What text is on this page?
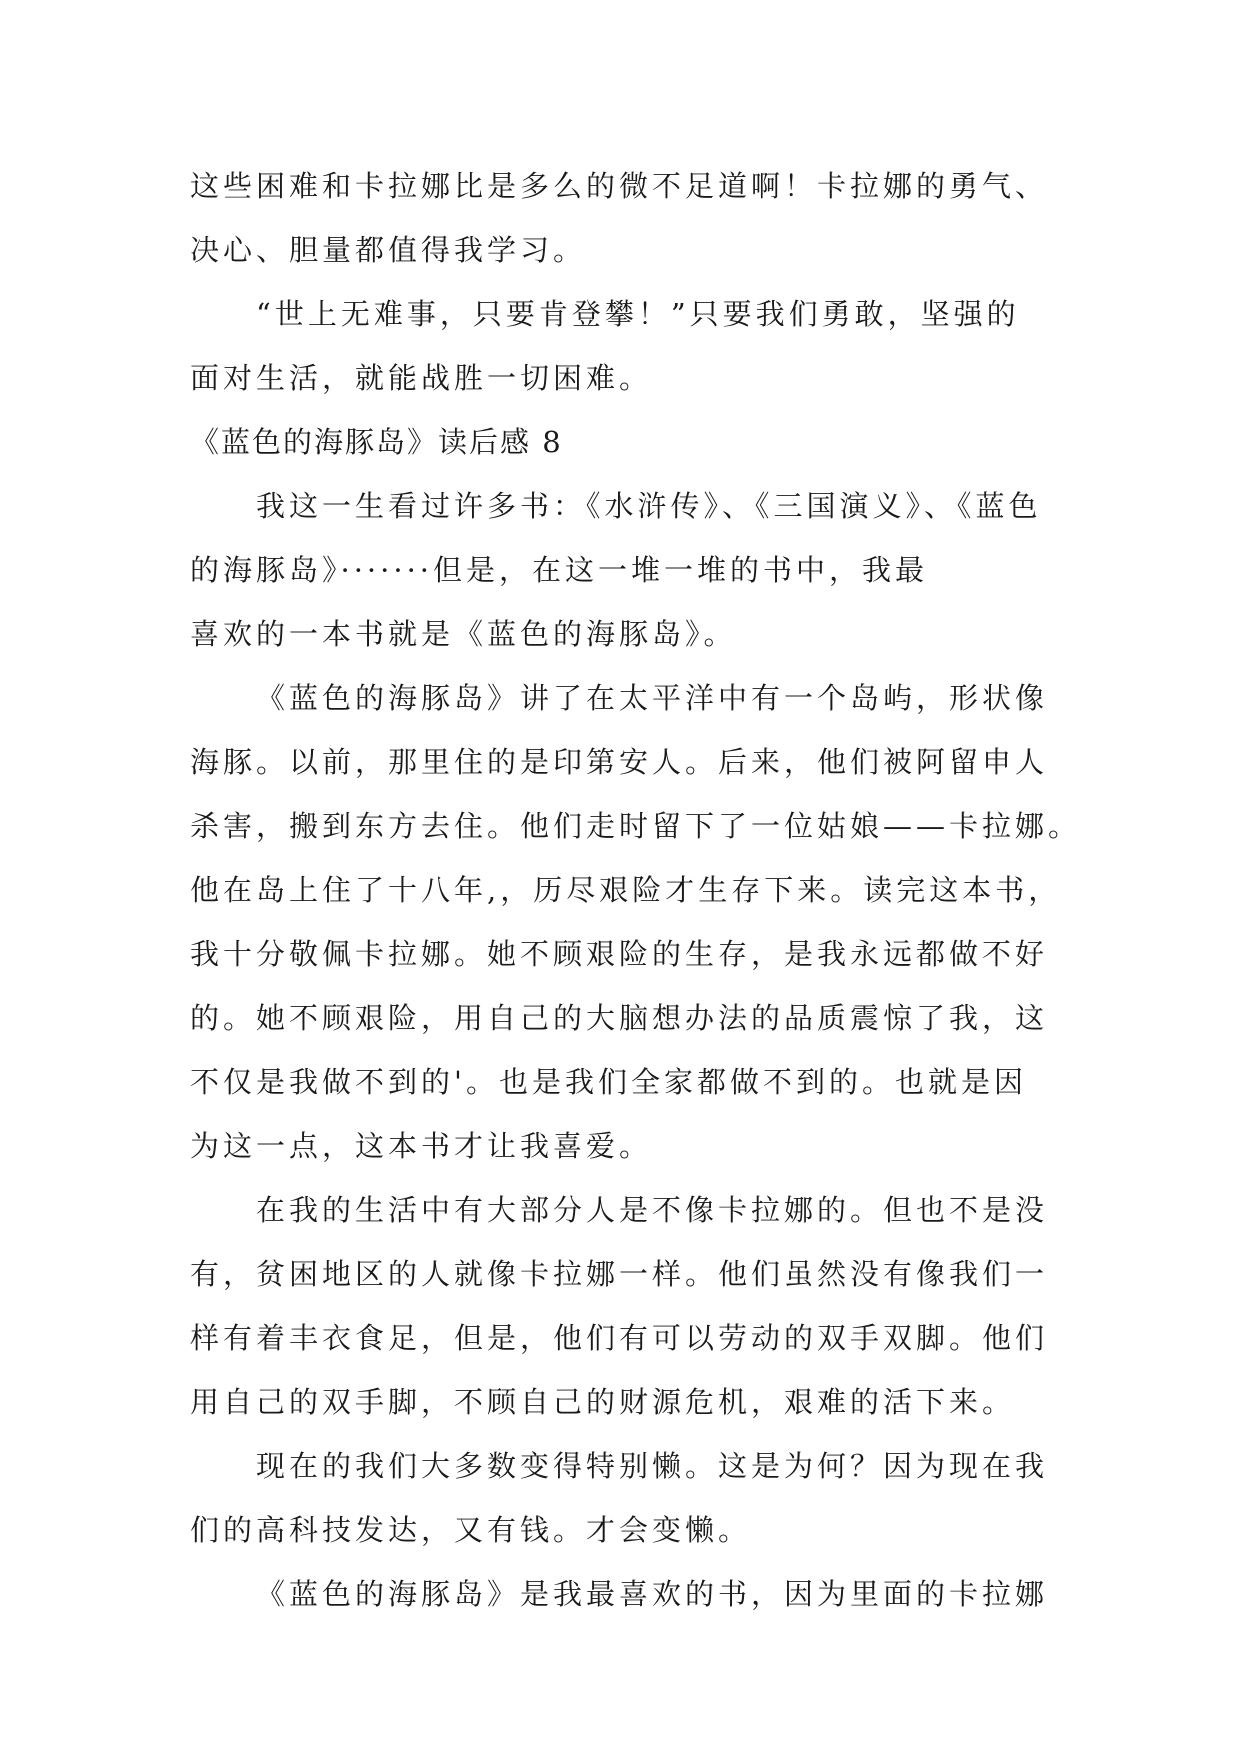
这些困难和卡拉娜比是多么的微不足道啊！卡拉娜的勇气、
决心、胆量都值得我学习。
“世上无难事，只要肯登攀！”只要我们勇敢，坚强的
面对生活，就能战胜一切困难。
《蓝色的海豚岛》读后感 8
我这一生看过许多书：《水浒传》、《三国演义》、《蓝色
的海豚岛》·······但是，在这一堆一堆的书中，我最
喜欢的一本书就是《蓝色的海豚岛》。
《蓝色的海豚岛》讲了在太平洋中有一个岛屿，形状像
海豚。以前，那里住的是印第安人。后来，他们被阿留申人
杀害，搬到东方去住。他们走时留下了一位姑娘——卡拉娜。
他在岛上住了十八年,，历尽艰险才生存下来。读完这本书，
我十分敬佩卡拉娜。她不顾艰险的生存，是我永远都做不好
的。她不顾艰险，用自己的大脑想办法的品质震惊了我，这
不仅是我做不到的'。也是我们全家都做不到的。也就是因
为这一点，这本书才让我喜爱。
在我的生活中有大部分人是不像卡拉娜的。但也不是没
有，贫困地区的人就像卡拉娜一样。他们虽然没有像我们一
样有着丰衣食足，但是，他们有可以劳动的双手双脚。他们
用自己的双手脚，不顾自己的财源危机，艰难的活下来。
现在的我们大多数变得特别懒。这是为何？因为现在我
们的高科技发达，又有钱。才会变懒。
《蓝色的海豚岛》是我最喜欢的书，因为里面的卡拉娜
